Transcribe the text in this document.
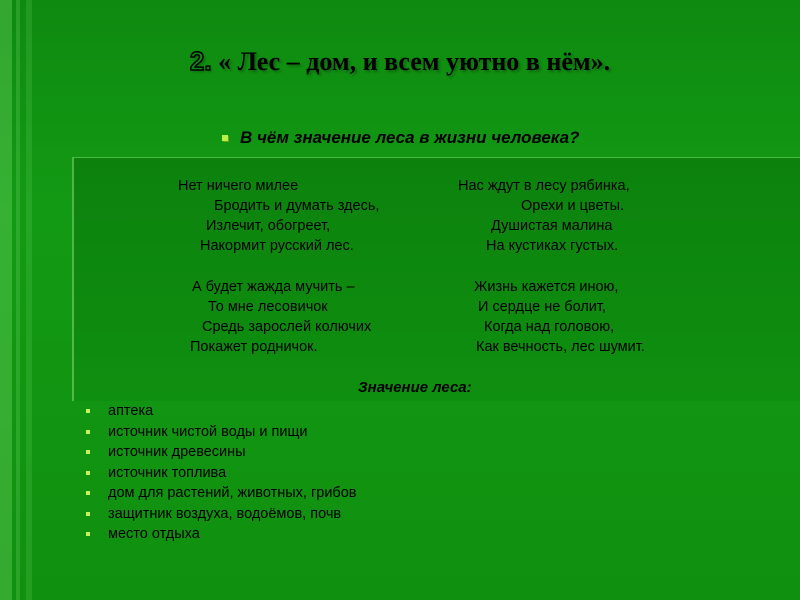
2. « Лес – дом, и всем уютно в нём».
В чём значение леса в жизни человека?
Нет ничего милее
Бродить и думать здесь,
Излечит, обогреет,
Накормит русский лес.
Нас ждут в лесу рябинка,
Орехи и цветы.
Душистая малина
На кустиках густых.
А будет жажда мучить –
То мне лесовичок
Средь зарослей колючих
Покажет родничок.
Жизнь кажется иною,
И сердце не болит,
Когда над головою,
Как вечность, лес шумит.
Значение леса:
аптека
источник чистой воды и пищи
источник древесины
источник топлива
дом для растений, животных, грибов
защитник воздуха, водоёмов, почв
место отдыха
